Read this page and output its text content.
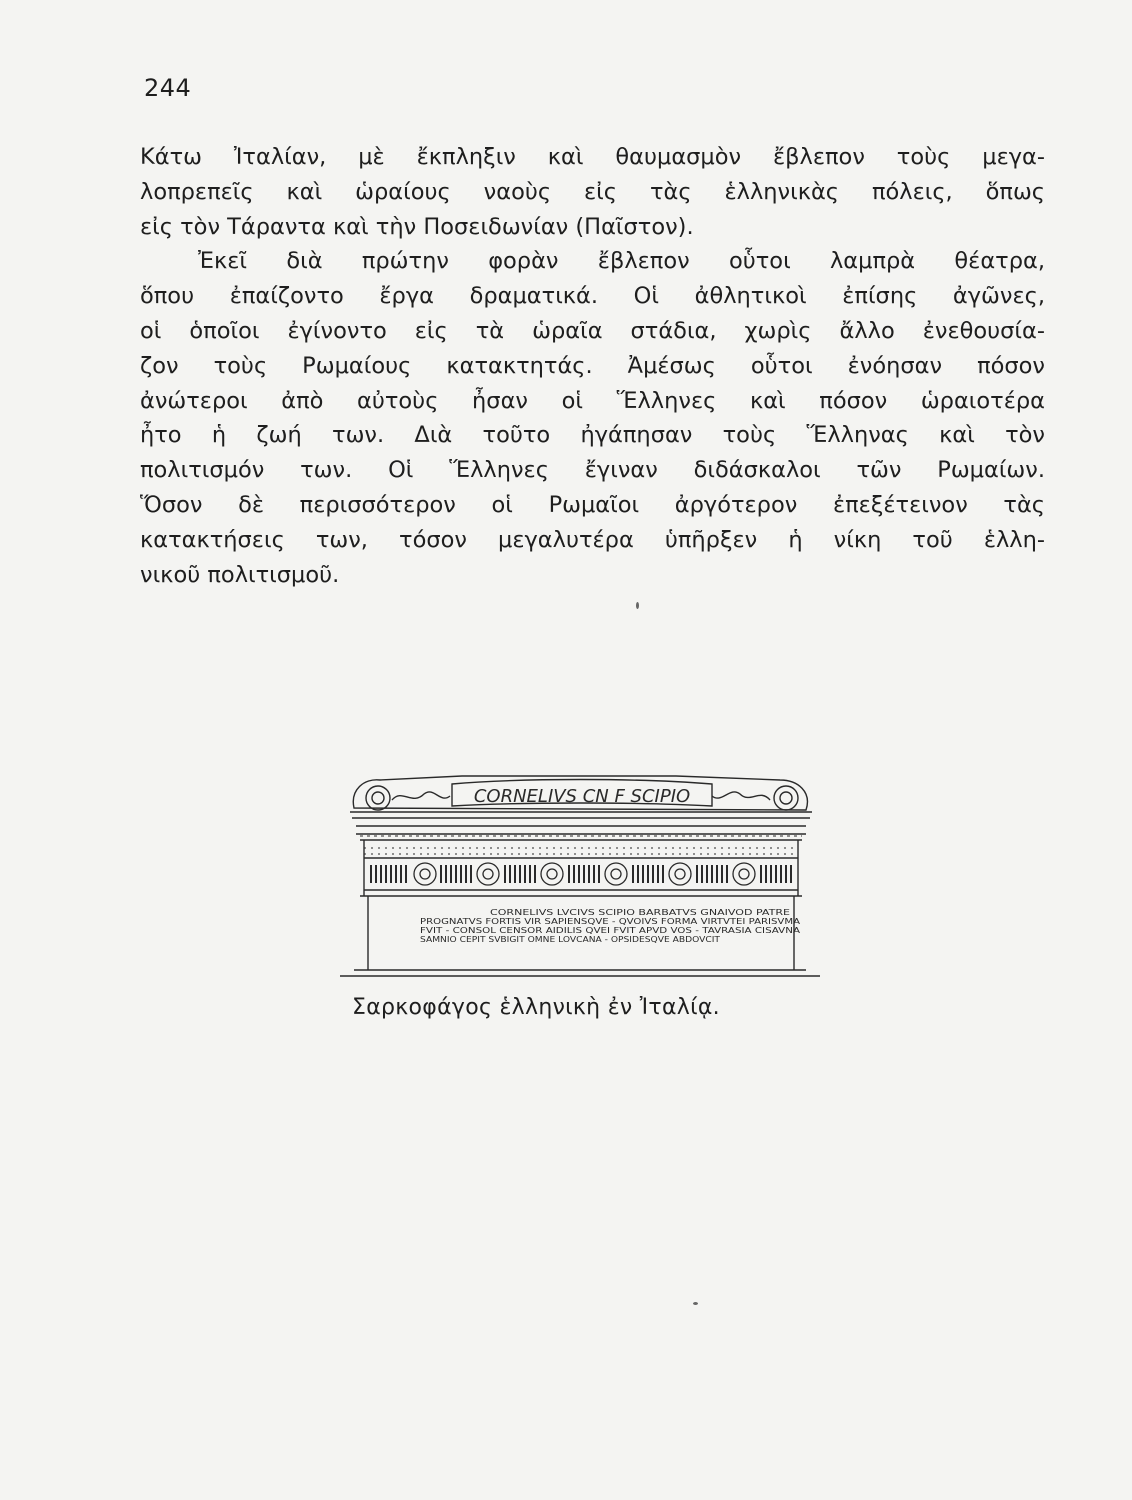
244
Κάτω Ἰταλίαν, μὲ ἔκπληξιν καὶ θαυμασμὸν ἔβλεπον τοὺς μεγα-
λοπρεπεῖς καὶ ὡραίους ναοὺς εἰς τὰς ἑλληνικὰς πόλεις, ὅπως
εἰς τὸν Τάραντα καὶ τὴν Ποσειδωνίαν (Παῖστον).
Ἐκεῖ διὰ πρώτην φορὰν ἔβλεπον οὗτοι λαμπρὰ θέατρα,
ὅπου ἐπαίζοντο ἔργα δραματικά. Οἱ ἀθλητικοὶ ἐπίσης ἀγῶνες,
οἱ ὁποῖοι ἐγίνοντο εἰς τὰ ὡραῖα στάδια, χωρὶς ἄλλο ἐνεθουσία-
ζον τοὺς Ρωμαίους κατακτητάς. Ἀμέσως οὗτοι ἐνόησαν πόσον
ἀνώτεροι ἀπὸ αὐτοὺς ἦσαν οἱ Ἕλληνες καὶ πόσον ὡραιοτέρα
ἦτο ἡ ζωή των. Διὰ τοῦτο ἠγάπησαν τοὺς Ἕλληνας καὶ τὸν
πολιτισμόν των. Οἱ Ἕλληνες ἔγιναν διδάσκαλοι τῶν Ρωμαίων.
Ὅσον δὲ περισσότερον οἱ Ρωμαῖοι ἀργότερον ἐπεξέτεινον τὰς
κατακτήσεις των, τόσον μεγαλυτέρα ὑπῆρξεν ἡ νίκη τοῦ ἑλλη-
νικοῦ πολιτισμοῦ.
CORNELIVS CN F SCIPIO
CORNELIVS LVCIVS SCIPIO BARBATVS GNAIVOD PATRE
PROGNATVS FORTIS VIR SAPIENSQVE - QVOIVS FORMA VIRTVTEI PARISVMA
FVIT - CONSOL CENSOR AIDILIS QVEI FVIT APVD VOS - TAVRASIA CISAVNA
SAMNIO CEPIT SVBIGIT OMNE LOVCANA - OPSIDESQVE ABDOVCIT
Σαρκοφάγος ἑλληνικὴ ἐν Ἰταλίᾳ.
